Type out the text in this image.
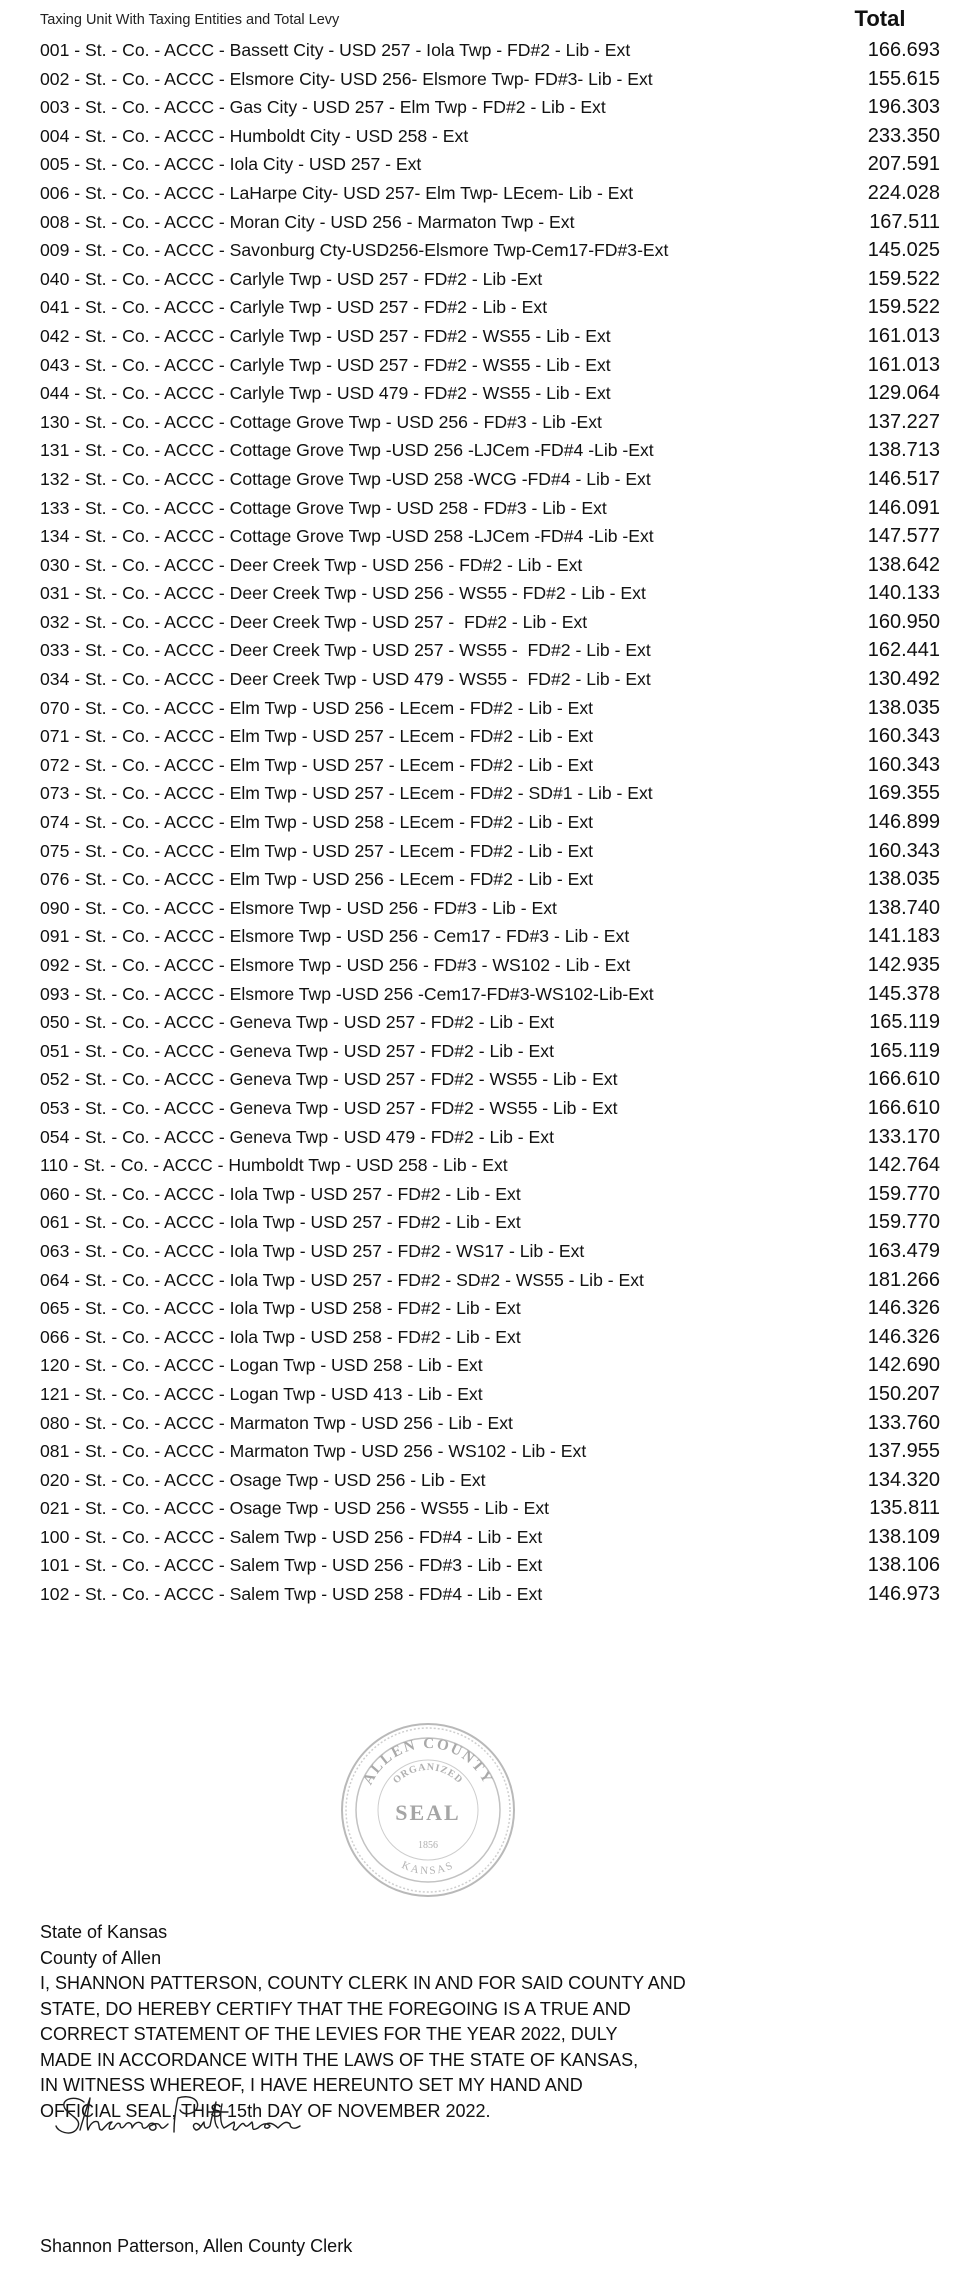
Taxing Unit With Taxing Entities and Total Levy	Total
001 - St. - Co. - ACCC - Bassett City - USD 257 - Iola Twp - FD#2 - Lib - Ext	166.693
002 - St. - Co. - ACCC - Elsmore City- USD 256- Elsmore Twp- FD#3- Lib - Ext	155.615
003 - St. - Co. - ACCC - Gas City - USD 257 - Elm Twp - FD#2 - Lib - Ext	196.303
004 - St. - Co. - ACCC - Humboldt City - USD 258 - Ext	233.350
005 - St. - Co. - ACCC - Iola City - USD 257 - Ext	207.591
006 - St. - Co. - ACCC - LaHarpe City- USD 257- Elm Twp- LEcem- Lib - Ext	224.028
008 - St. - Co. - ACCC - Moran City - USD 256 - Marmaton Twp - Ext	167.511
009 - St. - Co. - ACCC - Savonburg Cty-USD256-Elsmore Twp-Cem17-FD#3-Ext	145.025
040 - St. - Co. - ACCC - Carlyle Twp - USD 257 - FD#2 - Lib -Ext	159.522
041 - St. - Co. - ACCC - Carlyle Twp - USD 257 - FD#2 - Lib - Ext	159.522
042 - St. - Co. - ACCC - Carlyle Twp - USD 257 - FD#2 - WS55 - Lib - Ext	161.013
043 - St. - Co. - ACCC - Carlyle Twp - USD 257 - FD#2 - WS55 - Lib - Ext	161.013
044 - St. - Co. - ACCC - Carlyle Twp - USD 479 - FD#2 - WS55 - Lib - Ext	129.064
130 - St. - Co. - ACCC - Cottage Grove Twp - USD 256 - FD#3 - Lib -Ext	137.227
131 - St. - Co. - ACCC - Cottage Grove Twp -USD 256 -LJCem -FD#4 -Lib -Ext	138.713
132 - St. - Co. - ACCC - Cottage Grove Twp -USD 258 -WCG -FD#4 - Lib - Ext	146.517
133 - St. - Co. - ACCC - Cottage Grove Twp - USD 258 - FD#3 - Lib - Ext	146.091
134 - St. - Co. - ACCC - Cottage Grove Twp -USD 258 -LJCem -FD#4 -Lib -Ext	147.577
030 - St. - Co. - ACCC - Deer Creek Twp - USD 256 - FD#2 - Lib - Ext	138.642
031 - St. - Co. - ACCC - Deer Creek Twp - USD 256 - WS55 - FD#2 - Lib - Ext	140.133
032 - St. - Co. - ACCC - Deer Creek Twp - USD 257 -  FD#2 - Lib - Ext	160.950
033 - St. - Co. - ACCC - Deer Creek Twp - USD 257 - WS55 -  FD#2 - Lib - Ext	162.441
034 - St. - Co. - ACCC - Deer Creek Twp - USD 479 - WS55 -  FD#2 - Lib - Ext	130.492
070 - St. - Co. - ACCC - Elm Twp - USD 256 - LEcem - FD#2 - Lib - Ext	138.035
071 - St. - Co. - ACCC - Elm Twp - USD 257 - LEcem - FD#2 - Lib - Ext	160.343
072 - St. - Co. - ACCC - Elm Twp - USD 257 - LEcem - FD#2 - Lib - Ext	160.343
073 - St. - Co. - ACCC - Elm Twp - USD 257 - LEcem - FD#2 - SD#1 - Lib - Ext	169.355
074 - St. - Co. - ACCC - Elm Twp - USD 258 - LEcem - FD#2 - Lib - Ext	146.899
075 - St. - Co. - ACCC - Elm Twp - USD 257 - LEcem - FD#2 - Lib - Ext	160.343
076 - St. - Co. - ACCC - Elm Twp - USD 256 - LEcem - FD#2 - Lib - Ext	138.035
090 - St. - Co. - ACCC - Elsmore Twp - USD 256 - FD#3 - Lib - Ext	138.740
091 - St. - Co. - ACCC - Elsmore Twp - USD 256 - Cem17 - FD#3 - Lib - Ext	141.183
092 - St. - Co. - ACCC - Elsmore Twp - USD 256 - FD#3 - WS102 - Lib - Ext	142.935
093 - St. - Co. - ACCC - Elsmore Twp -USD 256 -Cem17-FD#3-WS102-Lib-Ext	145.378
050 - St. - Co. - ACCC - Geneva Twp - USD 257 - FD#2 - Lib - Ext	165.119
051 - St. - Co. - ACCC - Geneva Twp - USD 257 - FD#2 - Lib - Ext	165.119
052 - St. - Co. - ACCC - Geneva Twp - USD 257 - FD#2 - WS55 - Lib - Ext	166.610
053 - St. - Co. - ACCC - Geneva Twp - USD 257 - FD#2 - WS55 - Lib - Ext	166.610
054 - St. - Co. - ACCC - Geneva Twp - USD 479 - FD#2 - Lib - Ext	133.170
110 - St. - Co. - ACCC - Humboldt Twp - USD 258 - Lib - Ext	142.764
060 - St. - Co. - ACCC - Iola Twp - USD 257 - FD#2 - Lib - Ext	159.770
061 - St. - Co. - ACCC - Iola Twp - USD 257 - FD#2 - Lib - Ext	159.770
063 - St. - Co. - ACCC - Iola Twp - USD 257 - FD#2 - WS17 - Lib - Ext	163.479
064 - St. - Co. - ACCC - Iola Twp - USD 257 - FD#2 - SD#2 - WS55 - Lib - Ext	181.266
065 - St. - Co. - ACCC - Iola Twp - USD 258 - FD#2 - Lib - Ext	146.326
066 - St. - Co. - ACCC - Iola Twp - USD 258 - FD#2 - Lib - Ext	146.326
120 - St. - Co. - ACCC - Logan Twp - USD 258 - Lib - Ext	142.690
121 - St. - Co. - ACCC - Logan Twp - USD 413 - Lib - Ext	150.207
080 - St. - Co. - ACCC - Marmaton Twp - USD 256 - Lib - Ext	133.760
081 - St. - Co. - ACCC - Marmaton Twp - USD 256 - WS102 - Lib - Ext	137.955
020 - St. - Co. - ACCC - Osage Twp - USD 256 - Lib - Ext	134.320
021 - St. - Co. - ACCC - Osage Twp - USD 256 - WS55 - Lib - Ext	135.811
100 - St. - Co. - ACCC - Salem Twp - USD 256 - FD#4 - Lib - Ext	138.109
101 - St. - Co. - ACCC - Salem Twp - USD 256 - FD#3 - Lib - Ext	138.106
102 - St. - Co. - ACCC - Salem Twp - USD 258 - FD#4 - Lib - Ext	146.973
ALLEN COUNTY
ORGANIZED
SEAL
1856
KANSAS
State of Kansas
County of Allen
I, SHANNON PATTERSON, COUNTY CLERK IN AND FOR SAID COUNTY AND
STATE, DO HEREBY CERTIFY THAT THE FOREGOING IS A TRUE AND
CORRECT STATEMENT OF THE LEVIES FOR THE YEAR 2022, DULY
MADE IN ACCORDANCE WITH THE LAWS OF THE STATE OF KANSAS,
IN WITNESS WHEREOF, I HAVE HEREUNTO SET MY HAND AND
OFFICIAL SEAL, THIS 15th DAY OF NOVEMBER 2022.
Shannon Patterson, Allen County Clerk
